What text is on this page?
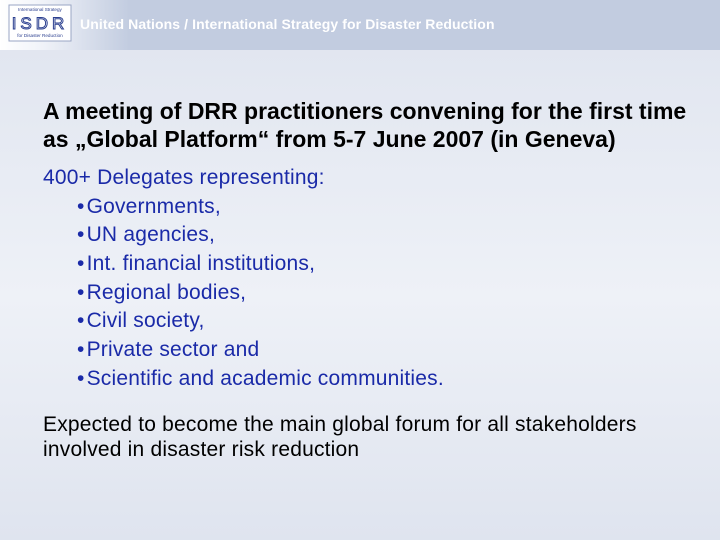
International Strategy
ISDR
for Disaster Reduction
United Nations / International Strategy for Disaster Reduction

A meeting of DRR practitioners convening for the first time as „Global Platform“ from 5-7 June 2007 (in Geneva)

400+ Delegates representing:

• Governments,
• UN agencies,
• Int. financial institutions,
• Regional bodies,
• Civil society,
• Private sector and
• Scientific and academic communities.

Expected to become the main global forum for all stakeholders involved in disaster risk reduction
